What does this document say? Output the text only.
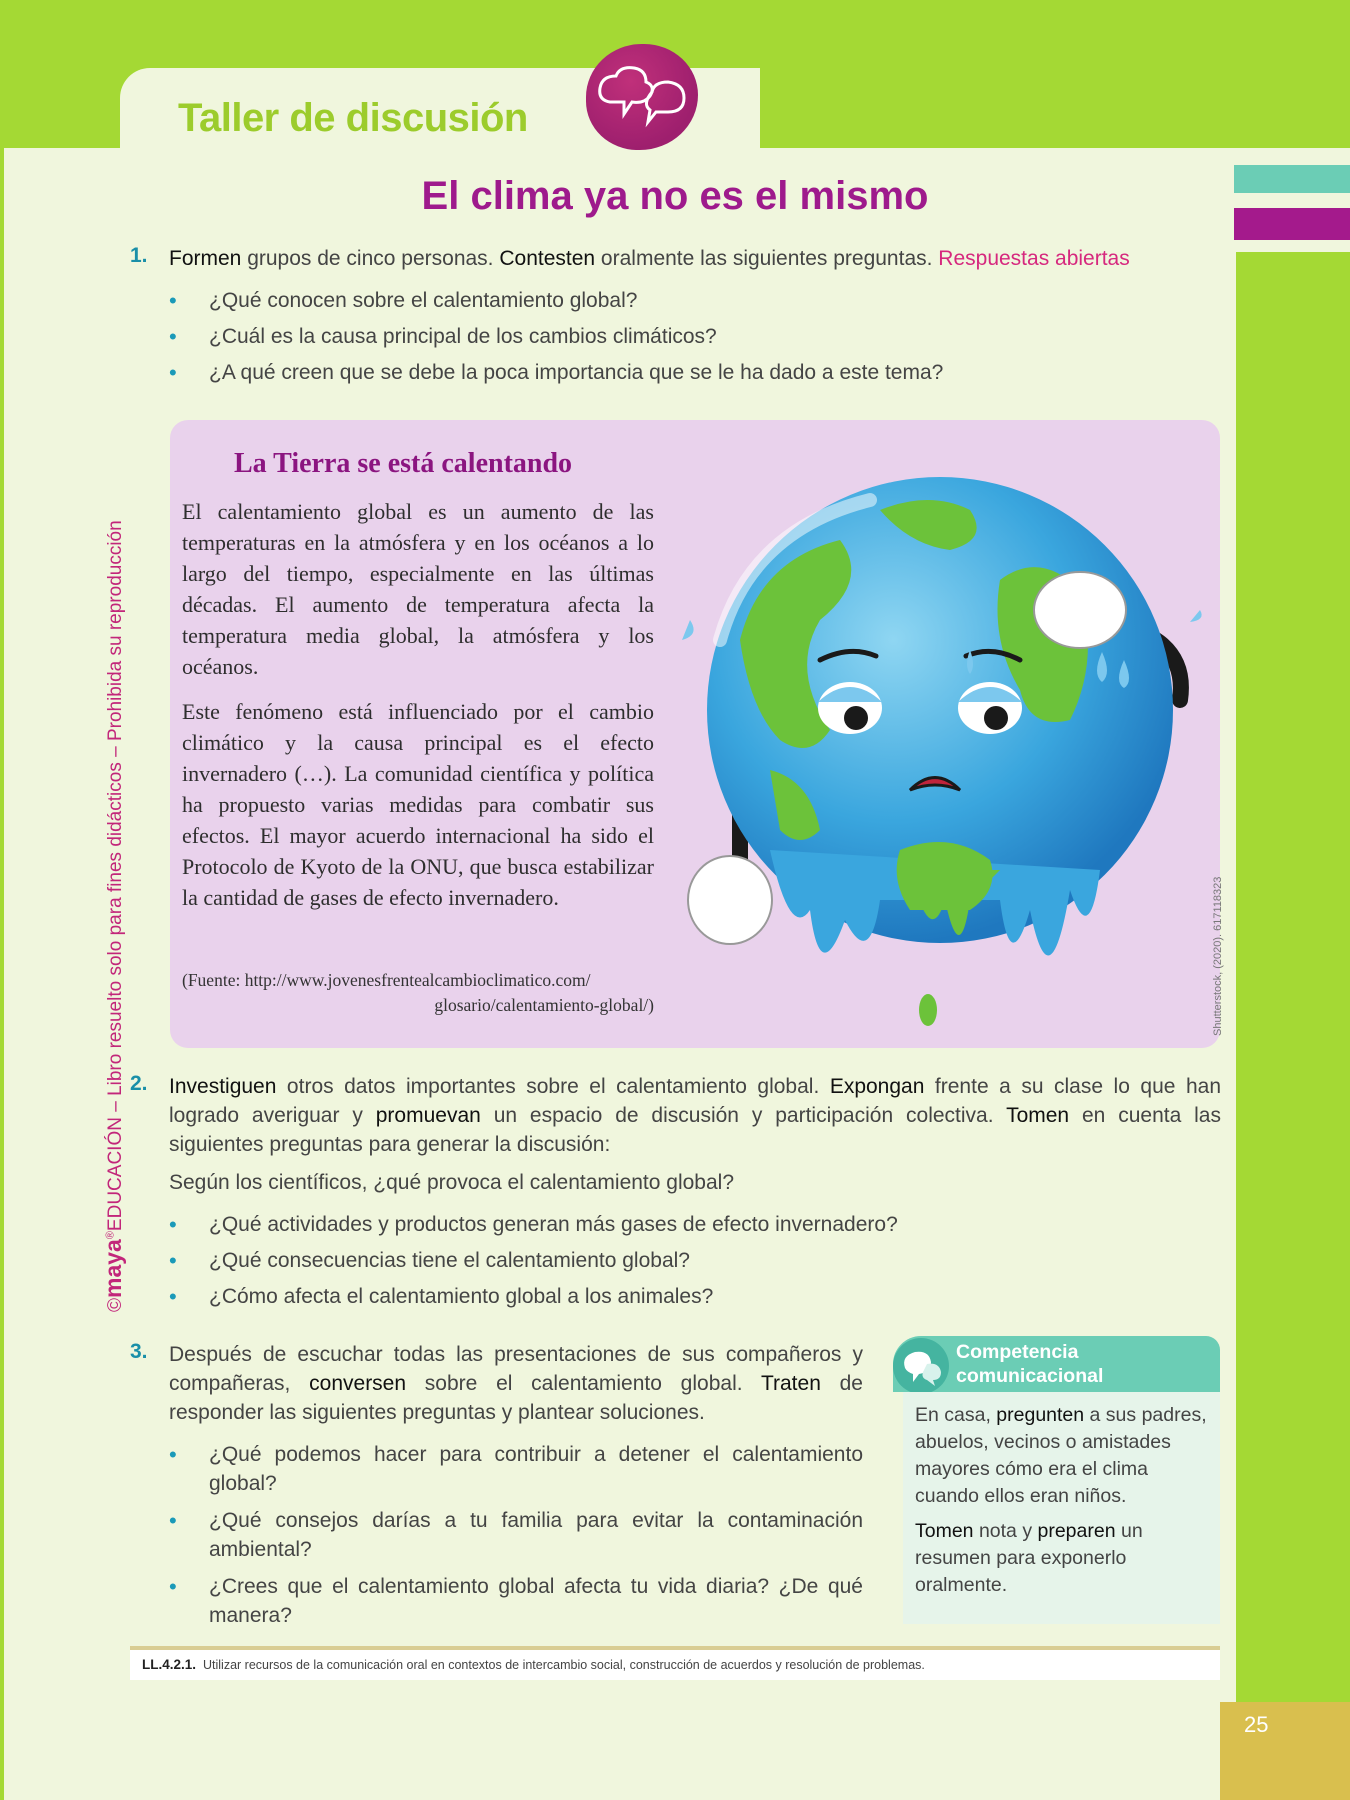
Taller de discusión
25
El clima ya no es el mismo
©maya®EDUCACIÓN – Libro resuelto solo para fines didácticos – Prohibida su reproducción
1. Formen grupos de cinco personas. Contesten oralmente las siguientes preguntas. Respuestas abiertas
• ¿Qué conocen sobre el calentamiento global?
• ¿Cuál es la causa principal de los cambios climáticos?
• ¿A qué creen que se debe la poca importancia que se le ha dado a este tema?
La Tierra se está calentando

El calentamiento global es un aumento de las temperaturas en la atmósfera y en los océanos a lo largo del tiempo, especialmente en las últimas décadas. El aumento de temperatura afecta la temperatura media global, la atmósfera y los océanos.

Este fenómeno está influenciado por el cambio climático y la causa principal es el efecto invernadero (…). La comunidad científica y política ha propuesto varias medidas para combatir sus efectos. El mayor acuerdo internacional ha sido el Protocolo de Kyoto de la ONU, que busca estabilizar la cantidad de gases de efecto invernadero.

(Fuente: http://www.jovenesfrentealcambioclimatico.com/
glosario/calentamiento-global/)	Shutterstock, (2020). 617118323
2. Investiguen otros datos importantes sobre el calentamiento global. Expongan frente a su clase lo que han logrado averiguar y promuevan un espacio de discusión y participación colectiva. Tomen en cuenta las siguientes preguntas para generar la discusión:
Según los científicos, ¿qué provoca el calentamiento global?
• ¿Qué actividades y productos generan más gases de efecto invernadero?
• ¿Qué consecuencias tiene el calentamiento global?
• ¿Cómo afecta el calentamiento global a los animales?
3. Después de escuchar todas las presentaciones de sus compañeros y compañeras, conversen sobre el calentamiento global. Traten de responder las siguientes preguntas y plantear soluciones.
• ¿Qué podemos hacer para contribuir a detener el calentamiento global?
• ¿Qué consejos darías a tu familia para evitar la contaminación ambiental?
• ¿Crees que el calentamiento global afecta tu vida diaria? ¿De qué manera?
Competencia
comunicacional

En casa, pregunten a sus padres, abuelos, vecinos o amistades mayores cómo era el clima cuando ellos eran niños.

Tomen nota y preparen un resumen para exponerlo oralmente.

LL.4.2.1. Utilizar recursos de la comunicación oral en contextos de intercambio social, construcción de acuerdos y resolución de problemas.
